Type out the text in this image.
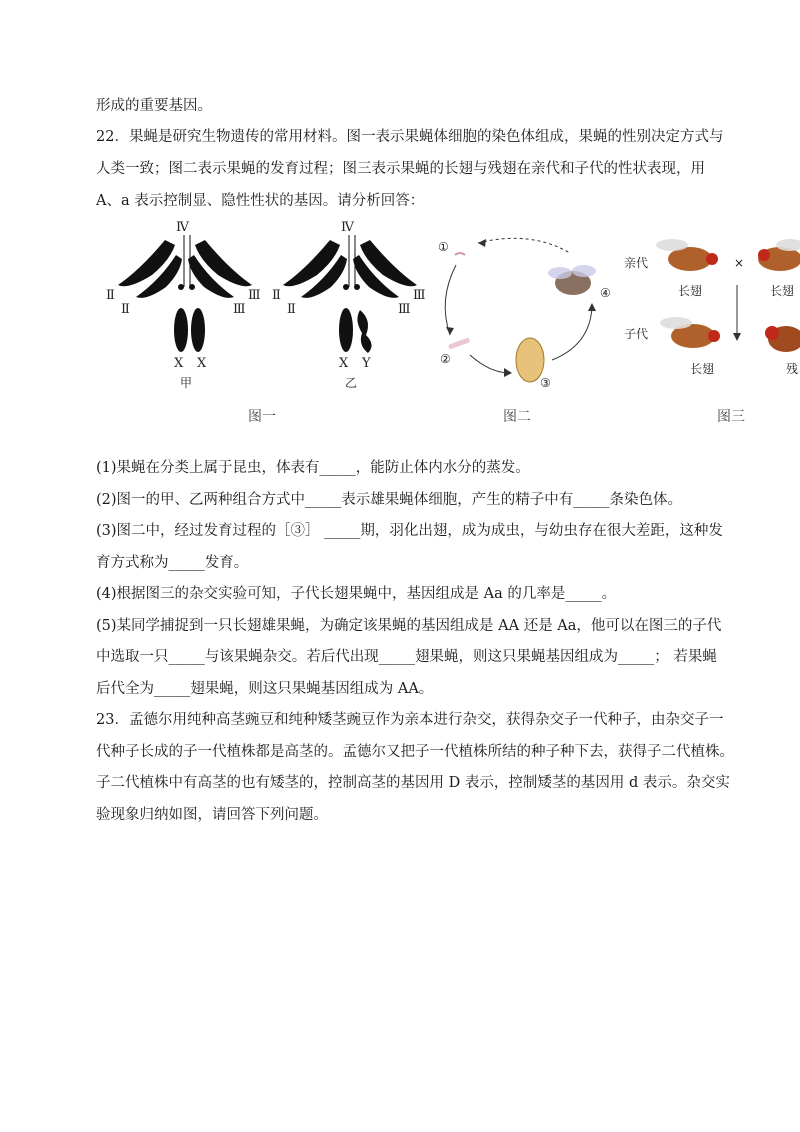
形成的重要基因。
22．果蝇是研究生物遗传的常用材料。图一表示果蝇体细胞的染色体组成，果蝇的性别决定方式与
人类一致；图二表示果蝇的发育过程；图三表示果蝇的长翅与残翅在亲代和子代的性状表现，用
A、a 表示控制显、隐性性状的基因。请分析回答：
Ⅳ
Ⅱ
Ⅱ
Ⅲ
Ⅲ
X X
甲
Ⅳ
Ⅱ
Ⅱ
Ⅲ
Ⅲ
X Y
乙
图一
①
②
③
④
图二
亲代	×
长翅	长翅
子代
长翅	残
图三
(1)果蝇在分类上属于昆虫，体表有_____，能防止体内水分的蒸发。
(2)图一的甲、乙两种组合方式中_____表示雄果蝇体细胞，产生的精子中有_____条染色体。
(3)图二中，经过发育过程的［③］ _____期，羽化出翅，成为成虫，与幼虫存在很大差距，这种发
育方式称为_____发育。
(4)根据图三的杂交实验可知，子代长翅果蝇中，基因组成是 Aa 的几率是_____。
(5)某同学捕捉到一只长翅雄果蝇，为确定该果蝇的基因组成是 AA 还是 Aa，他可以在图三的子代
中选取一只_____与该果蝇杂交。若后代出现_____翅果蝇，则这只果蝇基因组成为_____； 若果蝇
后代全为_____翅果蝇，则这只果蝇基因组成为 AA。
23．孟德尔用纯种高茎豌豆和纯种矮茎豌豆作为亲本进行杂交，获得杂交子一代种子，由杂交子一
代种子长成的子一代植株都是高茎的。孟德尔又把子一代植株所结的种子种下去，获得子二代植株。
子二代植株中有高茎的也有矮茎的，控制高茎的基因用 D 表示，控制矮茎的基因用 d 表示。杂交实
验现象归纳如图，请回答下列问题。
